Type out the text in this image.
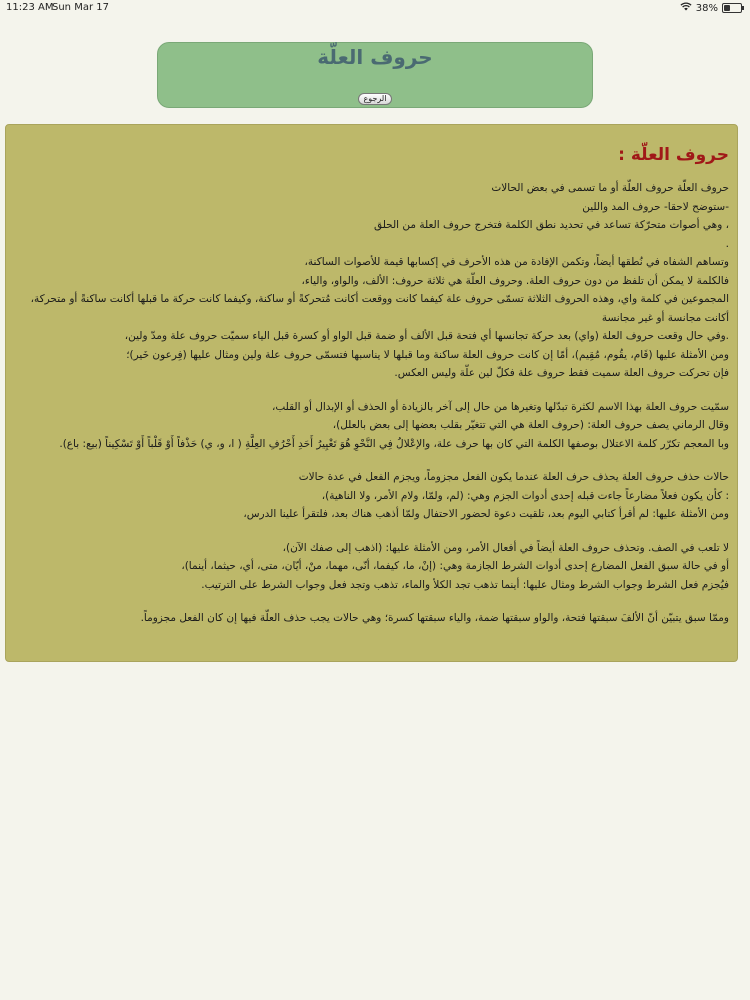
11:23 AM
Sun Mar 17	38%
حروف العلّة
الرجوع
حروف العلّة :
حروف العلّة حروف العلّة أو ما تسمى في بعض الحالات
-ستوضح لاحقا- حروف المد واللين
، وهي أصوات متحرّكة تساعد في تحديد نطق الكلمة فتخرج حروف العلة من الحلق
.
وتساهم الشفاه في نُطقها أيضاً، وتكمن الإفادة من هذه الأحرف في إكسابها قيمة للأصوات الساكنة،
فالكلمة لا يمكن أن تلفظ من دون حروف العلة. وحروف العلّة هي ثلاثة حروف: الألف، والواو، والياء،
المجموعين في كلمة واي، وهذه الحروف الثلاثة تسمّى حروف علة كيفما كانت ووقعت أكانت مُتحركةً أو ساكنة، وكيفما كانت حركة ما قبلها أكانت ساكنةً أو متحركة،
أكانت مجانسة أو غير مجانسة
.وفي حال وقعت حروف العلة (واي) بعد حركة تجانسها أي فتحة قبل الألف أو ضمة قبل الواو أو كسرة قبل الياء سميّت حروف علة ومدّ ولين،
ومن الأمثلة عليها (قَام، يقُوم، مُقِيم)، أمّا إن كانت حروف العلة ساكنة وما قبلها لا يناسبها فتسمّى حروف علة ولين ومثال عليها (فِرعون خَير)؛
فإن تحركت حروف العلة سميت فقط حروف علة فكلّ لين علّة وليس العكس.
سمّيت حروف العلة بهذا الاسم لكثرة تبدّلها وتغيرها من حال إلى آخر بالزيادة أو الحذف أو الإبدال أو القلب،
وقال الرماني يصف حروف العلة: (حروف العلة هي التي تتغيّر بقلب بعضها إلى بعض بالعلل)،
وبا المعجم تكرّر كلمة الاعتلال بوصفها الكلمة التي كان بها حرف علة، والإعْلالُ فِي النَّحْوِ هُوَ تَغْيِيرُ أَحَدِ أَحْرُفِ العِلَّةِ ( ا، و، ي) حَذْفاً أَوْ قَلْباً أَوْ تَسْكِيناً (بيع: باع).
حالات حذف حروف العلة يحذف حرف العلة عندما يكون الفعل مجزوماً، ويجزم الفعل في عدة حالات
: كأن يكون فعلاً مضارعاً جاءت قبله إحدى أدوات الجزم وهي: (لم، ولمّا، ولام الأمر، ولا الناهية)،
ومن الأمثلة عليها: لم أقرأ كتابي اليوم بعد، تلقيت دعوة لحضور الاحتفال ولمّا أذهب هناك بعد، فلتقرأ علينا الدرس،
لا تلعب في الصف. وتحذف حروف العلة أيضاً في أفعال الأمر، ومن الأمثلة عليها: (اذهب إلى صفك الآن)،
أو في حالة سبق الفعل المضارع إحدى أدوات الشرط الجازمة وهي: (إنْ، ما، كيفما، أنّى، مهما، منْ، أيّان، متى، أي، حيثما، أينما)،
فيُجزم فعل الشرط وجواب الشرط ومثال عليها: أينما تذهب تجد الكلأ والماء، تذهب وتجد فعل وجواب الشرط على الترتيب.
وممّا سبق يتبيّن أنّ الألفَ سبقتها فتحة، والواو سبقتها ضمة، والياء سبقتها كسرة؛ وهي حالات يجب حذف العلّة فيها إن كان الفعل مجزوماً.
